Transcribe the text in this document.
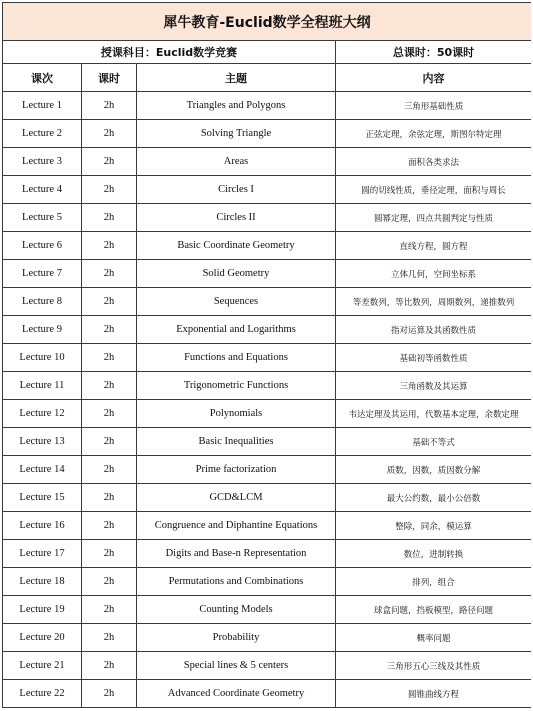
犀牛教育-Euclid数学全程班大纲			
授课科目：Euclid数学竞赛			总课时：50课时
课次	课时	主题	内容
Lecture 1	2h	Triangles and Polygons	三角形基础性质
Lecture 2	2h	Solving Triangle	正弦定理，余弦定理，斯图尔特定理
Lecture 3	2h	Areas	面积各类求法
Lecture 4	2h	Circles I	圆的切线性质，垂径定理，面积与周长
Lecture 5	2h	Circles II	圆幂定理，四点共圆判定与性质
Lecture 6	2h	Basic Coordinate Geometry	直线方程，圆方程
Lecture 7	2h	Solid Geometry	立体几何，空间坐标系
Lecture 8	2h	Sequences	等差数列，等比数列，周期数列，递推数列
Lecture 9	2h	Exponential and Logarithms	指对运算及其函数性质
Lecture 10	2h	Functions and Equations	基础初等函数性质
Lecture 11	2h	Trigonometric Functions	三角函数及其运算
Lecture 12	2h	Polynomials	韦达定理及其运用，代数基本定理，余数定理
Lecture 13	2h	Basic Inequalities	基础不等式
Lecture 14	2h	Prime factorization	质数，因数，质因数分解
Lecture 15	2h	GCD&LCM	最大公约数，最小公倍数
Lecture 16	2h	Congruence and Diphantine Equations	整除，同余，模运算
Lecture 17	2h	Digits and Base-n Representation	数位，进制转换
Lecture 18	2h	Permutations and Combinations	排列，组合
Lecture 19	2h	Counting Models	球盒问题，挡板模型，路径问题
Lecture 20	2h	Probability	概率问题
Lecture 21	2h	Special lines & 5 centers	三角形五心三线及其性质
Lecture 22	2h	Advanced Coordinate Geometry	圆锥曲线方程
